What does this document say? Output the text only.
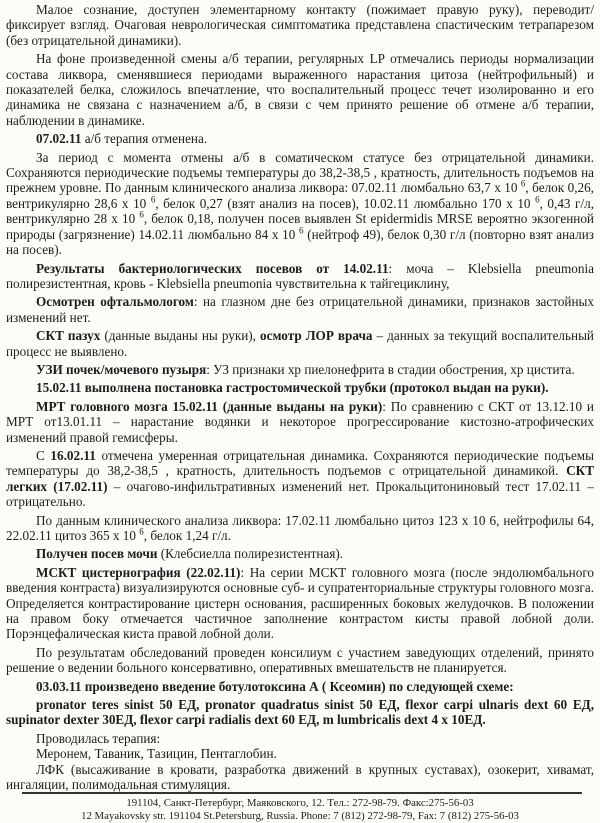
Малое сознание, доступен элементарному контакту (пожимает правую руку), переводит/фиксирует взгляд. Очаговая неврологическая симптоматика представлена спастическим тетрапарезом (без отрицательной динамики).

На фоне произведенной смены а/б терапии, регулярных LP отмечались периоды нормализации состава ликвора, сменявшиеся периодами выраженного нарастания цитоза (нейтрофильный) и показателей белка, сложилось впечатление, что воспалительный процесс течет изолированно и его динамика не связана с назначением а/б, в связи с чем принято решение об отмене а/б терапии, наблюдении в динамике.

07.02.11 а/б терапия отменена.

За период с момента отмены а/б в соматическом статусе без отрицательной динамики. Сохраняются периодические подъемы температуры до 38,2-38,5 , кратность, длительность подъемов на прежнем уровне. По данным клинического анализа ликвора: 07.02.11 люмбально 63,7 x 10 $^6$, белок 0,26, вентрикулярно 28,6 x 10 $^6$, белок 0,27 (взят анализ на посев), 10.02.11 люмбально 170 x 10 $^6$, 0,43 г/л, вентрикулярно 28 x 10 $^6$, белок 0,18, получен посев выявлен St epidermidis MRSE вероятно экзогенной природы (загрязнение) 14.02.11 люмбально 84 x 10 $^6$ (нейтроф 49), белок 0,30 г/л (повторно взят анализ на посев).

Результаты бактериологических посевов от 14.02.11: моча – Klebsiella pneumonia полирезистентная, кровь - Klebsiella pneumonia чувствительна к тайгециклину,

Осмотрен офтальмологом: на глазном дне без отрицательной динамики, признаков застойных изменений нет.

СКТ пазух (данные выданы ны руки), осмотр ЛОР врача – данных за текущий воспалительный процесс не выявлено.

УЗИ почек/мочевого пузыря: УЗ признаки хр пиелонефрита в стадии обострения, хр цистита.

15.02.11 выполнена постановка гастростомической трубки (протокол выдан на руки).

МРТ головного мозга 15.02.11 (данные выданы на руки): По сравнению с СКТ от 13.12.10 и МРТ от13.01.11 – нарастание водянки и некоторое прогрессирование кистозно-атрофических изменений правой гемисферы.

С 16.02.11 отмечена умеренная отрицательная динамика. Сохраняются периодические подъемы температуры до 38,2-38,5 , кратность, длительность подъемов с отрицательной динамикой. СКТ легких (17.02.11) – очагово-инфильтративных изменений нет. Прокальцитониновый тест 17.02.11 – отрицательно.

По данным клинического анализа ликвора: 17.02.11 люмбально цитоз 123 x 10 6, нейтрофилы 64, 22.02.11 цитоз 365 x 10 $^6$, белок 1,24 г/л.

Получен посев мочи (Клебсиелла полирезистентная).

МСКТ цистернография (22.02.11): На серии МСКТ головного мозга (после эндолюмбального введения контраста) визуализируются основные суб- и супратенториальные структуры головного мозга. Определяется контрастирование цистерн основания, расширенных боковых желудочков. В положении на правом боку отмечается частичное заполнение контрастом кисты правой лобной доли. Порэнцефалическая киста правой лобной доли.

По результатам обследований проведен консилиум с участием заведующих отделений, принято решение о ведении больного консервативно, оперативных вмешательств не планируется.

03.03.11 произведено введение ботулотоксина А ( Ксеомин) по следующей схеме:

pronator teres sinist 50 ЕД, pronator quadratus sinist 50 ЕД, flexor carpi ulnaris dext 60 ЕД, supinator dexter 30ЕД, flexor carpi radialis dext 60 ЕД, m lumbricalis dext 4 x 10ЕД.

Проводилась терапия:

Меронем, Таваник, Тазицин, Пентаглобин.

ЛФК (высаживание в кровати, разработка движений в крупных суставах), озокерит, хивамат, ингаляции, полимодальная стимуляция.

191104, Санкт-Петербург, Маяковского, 12. Тел.: 272-98-79. Факс:275-56-03
12 Mayakovsky str. 191104 St.Petersburg, Russia. Phone: 7 (812) 272-98-79, Fax: 7 (812) 275-56-03
